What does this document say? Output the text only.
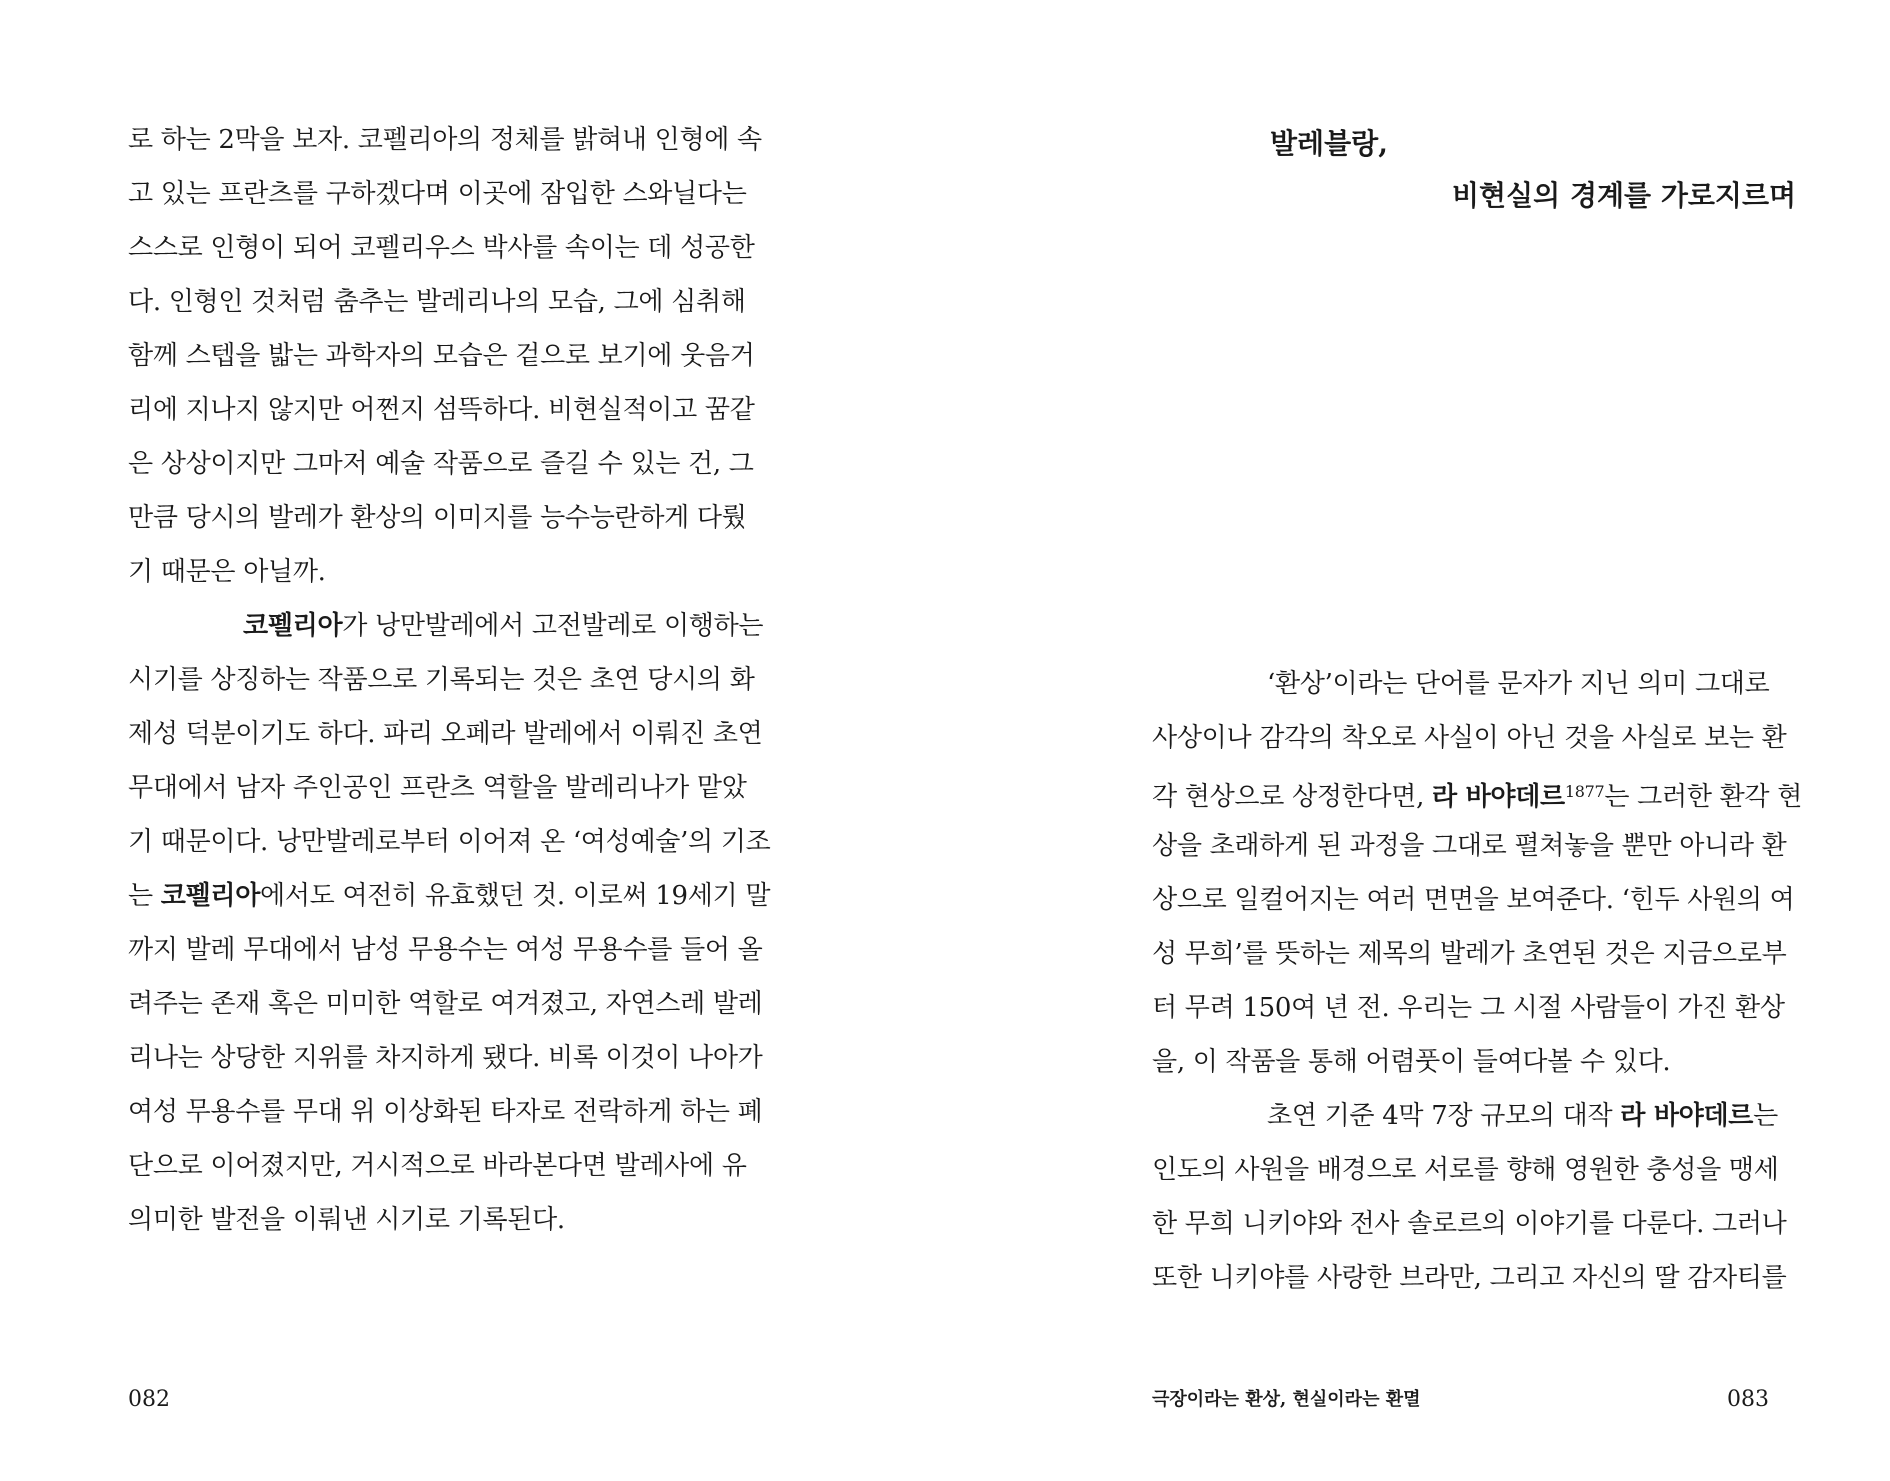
로 하는 2막을 보자. 코펠리아의 정체를 밝혀내 인형에 속
고 있는 프란츠를 구하겠다며 이곳에 잠입한 스와닐다는
스스로 인형이 되어 코펠리우스 박사를 속이는 데 성공한
다. 인형인 것처럼 춤추는 발레리나의 모습, 그에 심취해
함께 스텝을 밟는 과학자의 모습은 겉으로 보기에 웃음거
리에 지나지 않지만 어쩐지 섬뜩하다. 비현실적이고 꿈같
은 상상이지만 그마저 예술 작품으로 즐길 수 있는 건, 그
만큼 당시의 발레가 환상의 이미지를 능수능란하게 다뤘
기 때문은 아닐까.
코펠리아가 낭만발레에서 고전발레로 이행하는
시기를 상징하는 작품으로 기록되는 것은 초연 당시의 화
제성 덕분이기도 하다. 파리 오페라 발레에서 이뤄진 초연
무대에서 남자 주인공인 프란츠 역할을 발레리나가 맡았
기 때문이다. 낭만발레로부터 이어져 온 ‘여성예술’의 기조
는 코펠리아에서도 여전히 유효했던 것. 이로써 19세기 말
까지 발레 무대에서 남성 무용수는 여성 무용수를 들어 올
려주는 존재 혹은 미미한 역할로 여겨졌고, 자연스레 발레
리나는 상당한 지위를 차지하게 됐다. 비록 이것이 나아가
여성 무용수를 무대 위 이상화된 타자로 전락하게 하는 폐
단으로 이어졌지만, 거시적으로 바라본다면 발레사에 유
의미한 발전을 이뤄낸 시기로 기록된다.
082
발레블랑,
비현실의 경계를 가로지르며
‘환상’이라는 단어를 문자가 지닌 의미 그대로
사상이나 감각의 착오로 사실이 아닌 것을 사실로 보는 환
각 현상으로 상정한다면, 라 바야데르$^{1877}$는 그러한 환각 현
상을 초래하게 된 과정을 그대로 펼쳐놓을 뿐만 아니라 환
상으로 일컬어지는 여러 면면을 보여준다. ‘힌두 사원의 여
성 무희’를 뜻하는 제목의 발레가 초연된 것은 지금으로부
터 무려 150여 년 전. 우리는 그 시절 사람들이 가진 환상
을, 이 작품을 통해 어렴풋이 들여다볼 수 있다.
초연 기준 4막 7장 규모의 대작 라 바야데르는
인도의 사원을 배경으로 서로를 향해 영원한 충성을 맹세
한 무희 니키야와 전사 솔로르의 이야기를 다룬다. 그러나
또한 니키야를 사랑한 브라만, 그리고 자신의 딸 감자티를
극장이라는 환상, 현실이라는 환멸	083
